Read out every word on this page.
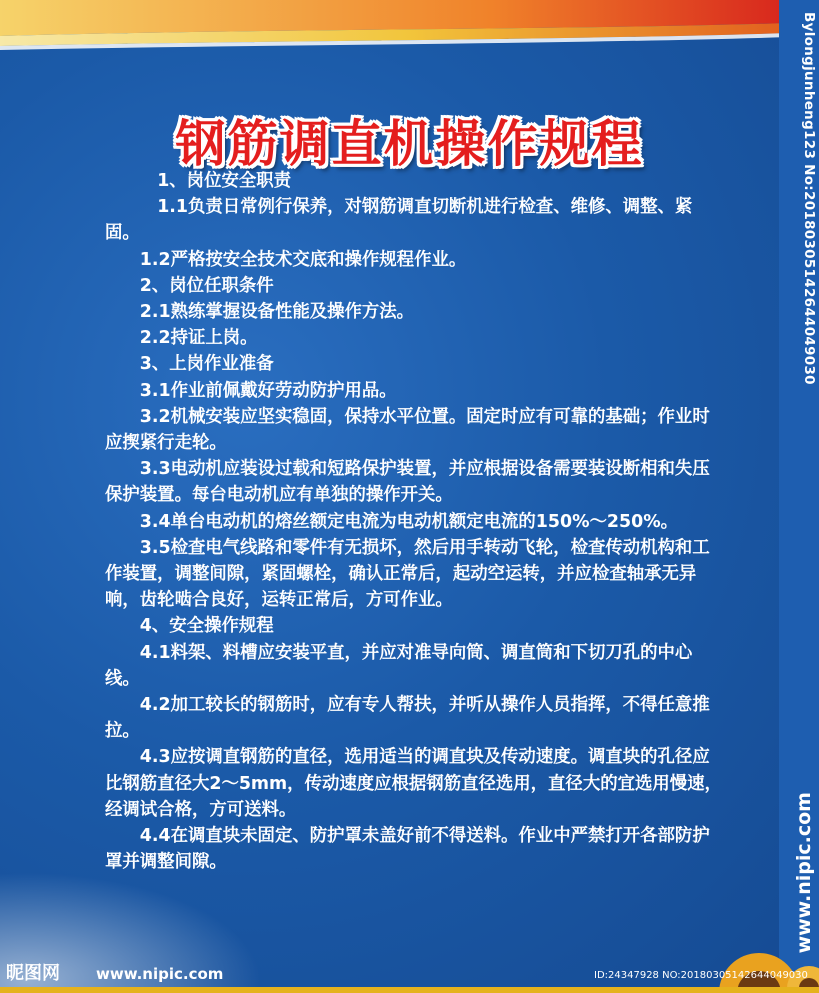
钢筋调直机操作规程

1、岗位安全职责

1.1负责日常例行保养，对钢筋调直切断机进行检查、维修、调整、紧固。

1.2严格按安全技术交底和操作规程作业。

2、岗位任职条件

2.1熟练掌握设备性能及操作方法。

2.2持证上岗。

3、上岗作业准备

3.1作业前佩戴好劳动防护用品。

3.2机械安装应坚实稳固，保持水平位置。固定时应有可靠的基础；作业时应揳紧行走轮。

3.3电动机应装设过载和短路保护装置，并应根据设备需要装设断相和失压保护装置。每台电动机应有单独的操作开关。

3.4单台电动机的熔丝额定电流为电动机额定电流的150%～250%。

3.5检查电气线路和零件有无损坏，然后用手转动飞轮，检查传动机构和工作装置，调整间隙，紧固螺栓，确认正常后，起动空运转，并应检查轴承无异响，齿轮啮合良好，运转正常后，方可作业。

4、安全操作规程

4.1料架、料槽应安装平直，并应对准导向筒、调直筒和下切刀孔的中心线。

4.2加工较长的钢筋时，应有专人帮扶，并听从操作人员指挥，不得任意推拉。

4.3应按调直钢筋的直径，选用适当的调直块及传动速度。调直块的孔径应比钢筋直径大2～5mm，传动速度应根据钢筋直径选用，直径大的宜选用慢速，经调试合格，方可送料。

4.4在调直块未固定、防护罩未盖好前不得送料。作业中严禁打开各部防护罩并调整间隙。

Bylongjunheng123 No:20180305142644049030
www.nipic.com
昵图网 www.nipic.com	ID:24347928 NO:20180305142644049030
